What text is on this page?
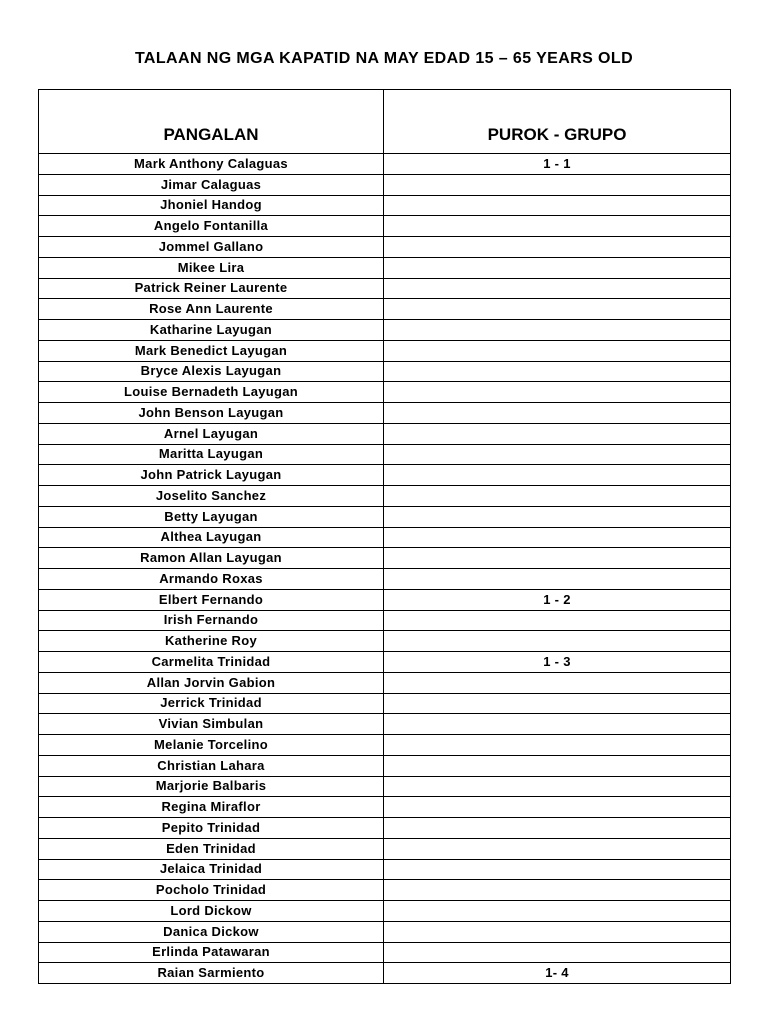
TALAAN NG MGA KAPATID NA MAY EDAD 15 – 65 YEARS OLD
PANGALAN	PUROK - GRUPO
Mark Anthony Calaguas	1 - 1
Jimar Calaguas	
Jhoniel Handog	
Angelo Fontanilla	
Jommel Gallano	
Mikee Lira	
Patrick Reiner Laurente	
Rose Ann Laurente	
Katharine Layugan	
Mark Benedict Layugan	
Bryce Alexis Layugan	
Louise Bernadeth Layugan	
John Benson Layugan	
Arnel Layugan	
Maritta Layugan	
John Patrick Layugan	
Joselito Sanchez	
Betty Layugan	
Althea Layugan	
Ramon Allan Layugan	
Armando Roxas	
Elbert Fernando	1 - 2
Irish Fernando	
Katherine Roy	
Carmelita Trinidad	1 - 3
Allan Jorvin Gabion	
Jerrick Trinidad	
Vivian Simbulan	
Melanie Torcelino	
Christian Lahara	
Marjorie Balbaris	
Regina Miraflor	
Pepito Trinidad	
Eden Trinidad	
Jelaica Trinidad	
Pocholo Trinidad	
Lord Dickow	
Danica Dickow	
Erlinda Patawaran	
Raian Sarmiento	1- 4
